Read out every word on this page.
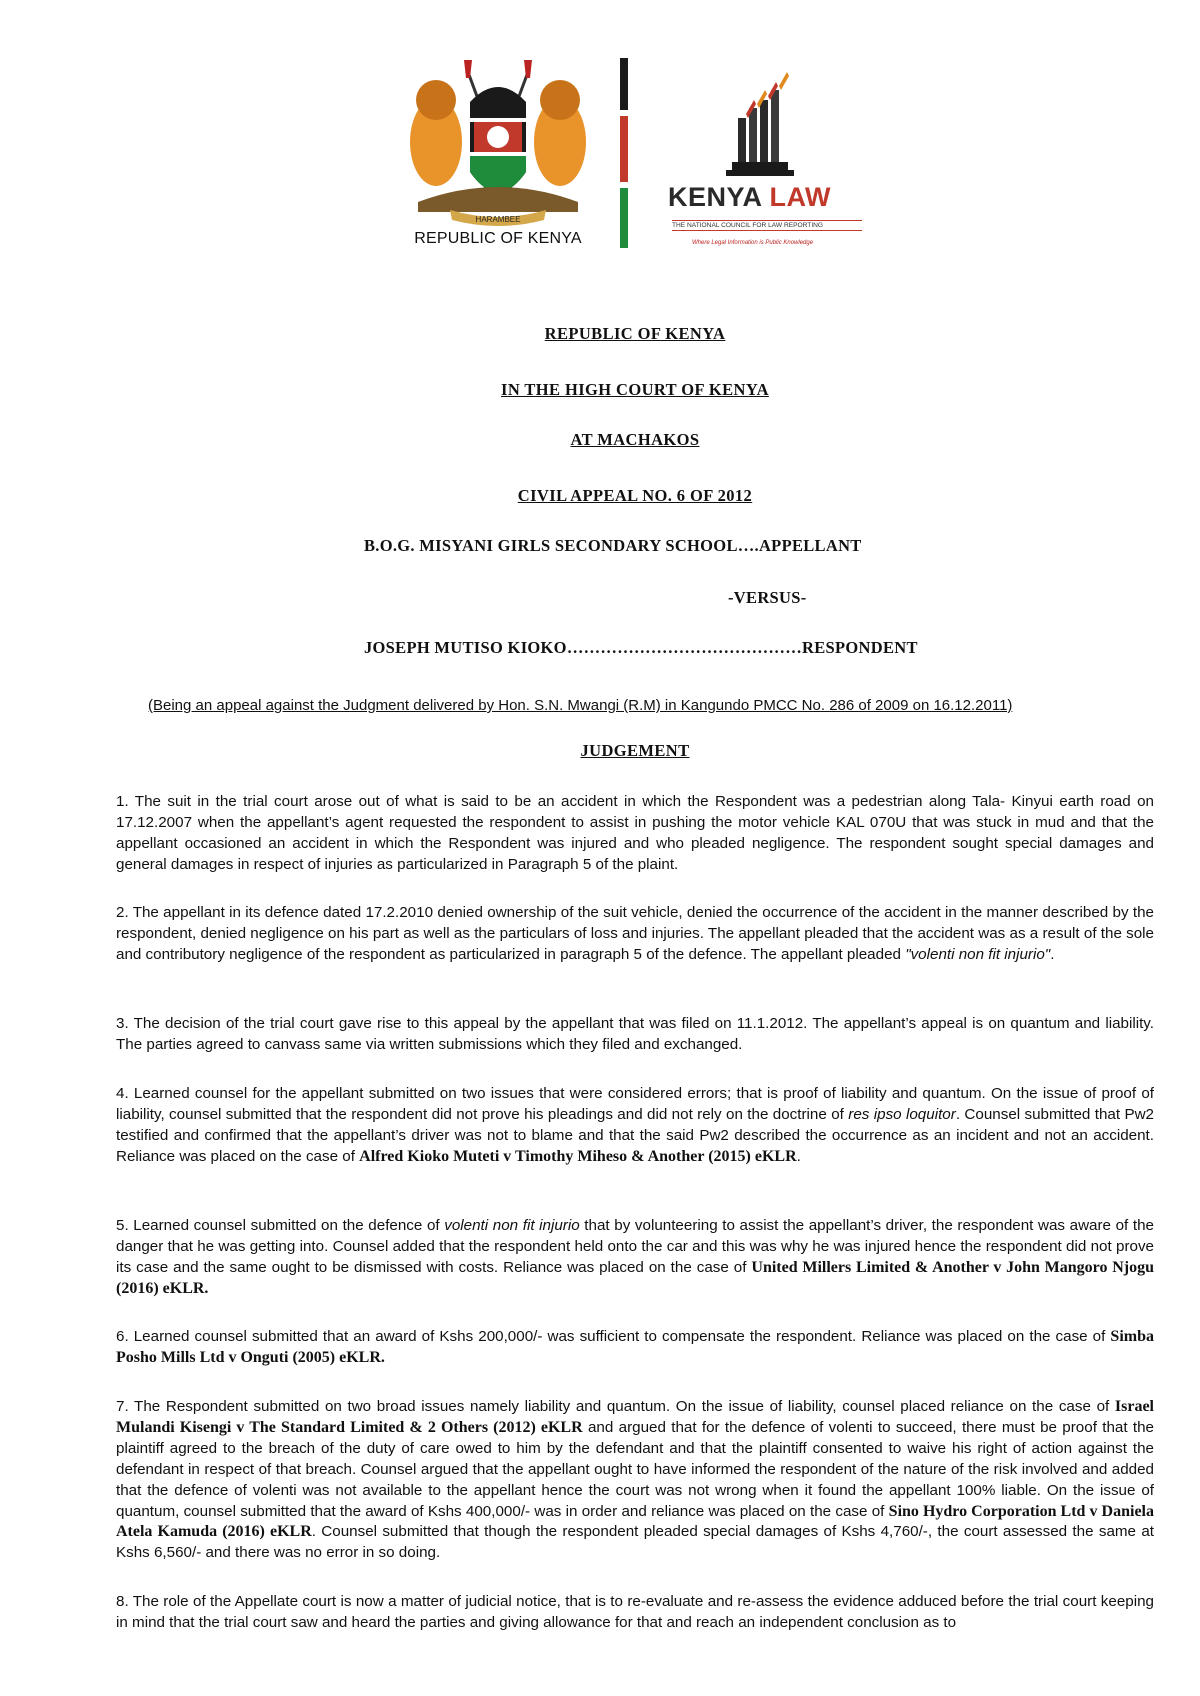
HARAMBEE
REPUBLIC OF KENYA
KENYA LAW
THE NATIONAL COUNCIL FOR LAW REPORTING
Where Legal Information is Public Knowledge
REPUBLIC OF KENYA
IN THE HIGH COURT OF KENYA
AT MACHAKOS
CIVIL APPEAL NO. 6 OF 2012
B.O.G. MISYANI GIRLS SECONDARY SCHOOL….APPELLANT
-VERSUS-
JOSEPH MUTISO KIOKO……………………………………RESPONDENT
(Being an appeal against the Judgment delivered by Hon. S.N. Mwangi (R.M) in Kangundo PMCC No. 286 of 2009 on 16.12.2011)
JUDGEMENT
1. The suit in the trial court arose out of what is said to be an accident in which the Respondent was a pedestrian along Tala- Kinyui earth road on 17.12.2007 when the appellant’s agent requested the respondent to assist in pushing the motor vehicle KAL 070U that was stuck in mud and that the appellant occasioned an accident in which the Respondent was injured and who pleaded negligence. The respondent sought special damages and general damages in respect of injuries as particularized in Paragraph 5 of the plaint.
2. The appellant in its defence dated 17.2.2010 denied ownership of the suit vehicle, denied the occurrence of the accident in the manner described by the respondent, denied negligence on his part as well as the particulars of loss and injuries. The appellant pleaded that the accident was as a result of the sole and contributory negligence of the respondent as particularized in paragraph 5 of the defence. The appellant pleaded "volenti non fit injurio".
3. The decision of the trial court gave rise to this appeal by the appellant that was filed on 11.1.2012. The appellant’s appeal is on quantum and liability. The parties agreed to canvass same via written submissions which they filed and exchanged.
4. Learned counsel for the appellant submitted on two issues that were considered errors; that is proof of liability and quantum. On the issue of proof of liability, counsel submitted that the respondent did not prove his pleadings and did not rely on the doctrine of res ipso loquitor. Counsel submitted that Pw2 testified and confirmed that the appellant’s driver was not to blame and that the said Pw2 described the occurrence as an incident and not an accident. Reliance was placed on the case of Alfred Kioko Muteti v Timothy Miheso & Another (2015) eKLR.
5. Learned counsel submitted on the defence of volenti non fit injurio that by volunteering to assist the appellant’s driver, the respondent was aware of the danger that he was getting into. Counsel added that the respondent held onto the car and this was why he was injured hence the respondent did not prove its case and the same ought to be dismissed with costs. Reliance was placed on the case of United Millers Limited & Another v John Mangoro Njogu (2016) eKLR.
6. Learned counsel submitted that an award of Kshs 200,000/- was sufficient to compensate the respondent. Reliance was placed on the case of Simba Posho Mills Ltd v Onguti (2005) eKLR.
7. The Respondent submitted on two broad issues namely liability and quantum. On the issue of liability, counsel placed reliance on the case of Israel Mulandi Kisengi v The Standard Limited & 2 Others (2012) eKLR and argued that for the defence of volenti to succeed, there must be proof that the plaintiff agreed to the breach of the duty of care owed to him by the defendant and that the plaintiff consented to waive his right of action against the defendant in respect of that breach. Counsel argued that the appellant ought to have informed the respondent of the nature of the risk involved and added that the defence of volenti was not available to the appellant hence the court was not wrong when it found the appellant 100% liable. On the issue of quantum, counsel submitted that the award of Kshs 400,000/- was in order and reliance was placed on the case of Sino Hydro Corporation Ltd v Daniela Atela Kamuda (2016) eKLR. Counsel submitted that though the respondent pleaded special damages of Kshs 4,760/-, the court assessed the same at Kshs 6,560/- and there was no error in so doing.
8. The role of the Appellate court is now a matter of judicial notice, that is to re-evaluate and re-assess the evidence adduced before the trial court keeping in mind that the trial court saw and heard the parties and giving allowance for that and reach an independent conclusion as to
